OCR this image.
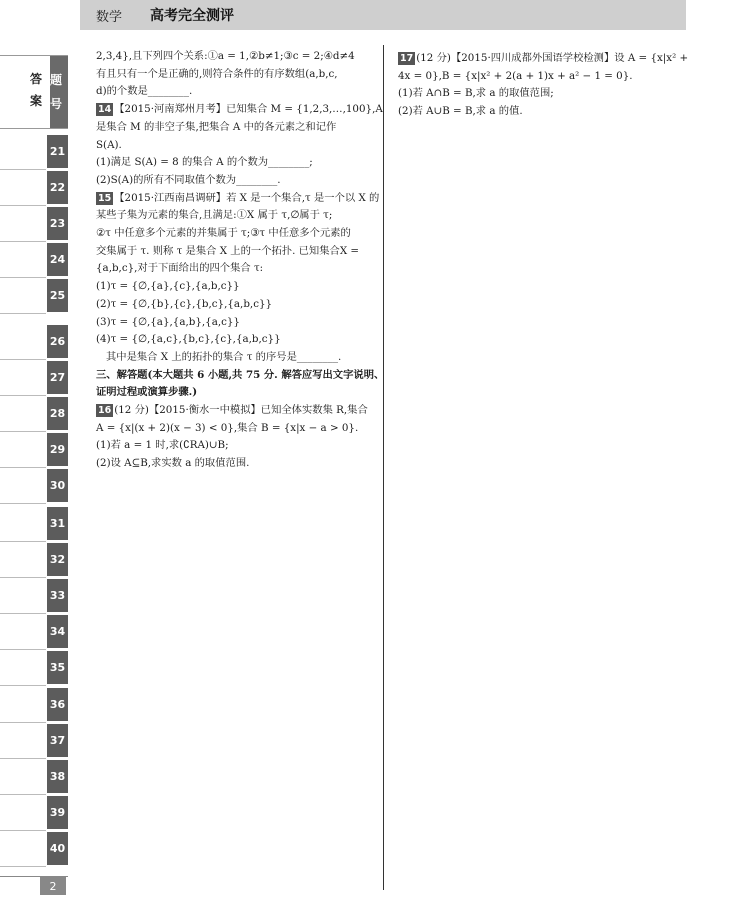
数学 高考完全测评
答案
题号
21
22
23
24
25
26
27
28
29
30
31
32
33
34
35
36
37
38
39
40
2

2,3,4},且下列四个关系:①a = 1,②b≠1;③c = 2;④d≠4

有且只有一个是正确的,则符合条件的有序数组(a,b,c,

d)的个数是________.

14 【2015·河南郑州月考】已知集合 M = {1,2,3,…,100},A

是集合 M 的非空子集,把集合 A 中的各元素之和记作

S(A).

(1)满足 S(A) = 8 的集合 A 的个数为________;

(2)S(A)的所有不同取值个数为________.

15 【2015·江西南昌调研】若 X 是一个集合,τ 是一个以 X 的

某些子集为元素的集合,且满足:①X 属于 τ,∅属于 τ;

②τ 中任意多个元素的并集属于 τ;③τ 中任意多个元素的

交集属于 τ. 则称 τ 是集合 X 上的一个拓扑. 已知集合X =

{a,b,c},对于下面给出的四个集合 τ:

(1)τ = {∅,{a},{c},{a,b,c}}

(2)τ = {∅,{b},{c},{b,c},{a,b,c}}

(3)τ = {∅,{a},{a,b},{a,c}}

(4)τ = {∅,{a,c},{b,c},{c},{a,b,c}}

其中是集合 X 上的拓扑的集合 τ 的序号是________.

三、解答题(本大题共 6 小题,共 75 分. 解答应写出文字说明、

证明过程或演算步骤.)

16 (12 分)【2015·衡水一中模拟】已知全体实数集 R,集合

A = {x|(x + 2)(x − 3) < 0},集合 B = {x|x − a > 0}.

(1)若 a = 1 时,求(∁RA)∪B;

(2)设 A⊆B,求实数 a 的取值范围.

17 (12 分)【2015·四川成都外国语学校检测】设 A = {x|x² +

4x = 0},B = {x|x² + 2(a + 1)x + a² − 1 = 0}.

(1)若 A∩B = B,求 a 的取值范围;

(2)若 A∪B = B,求 a 的值.
